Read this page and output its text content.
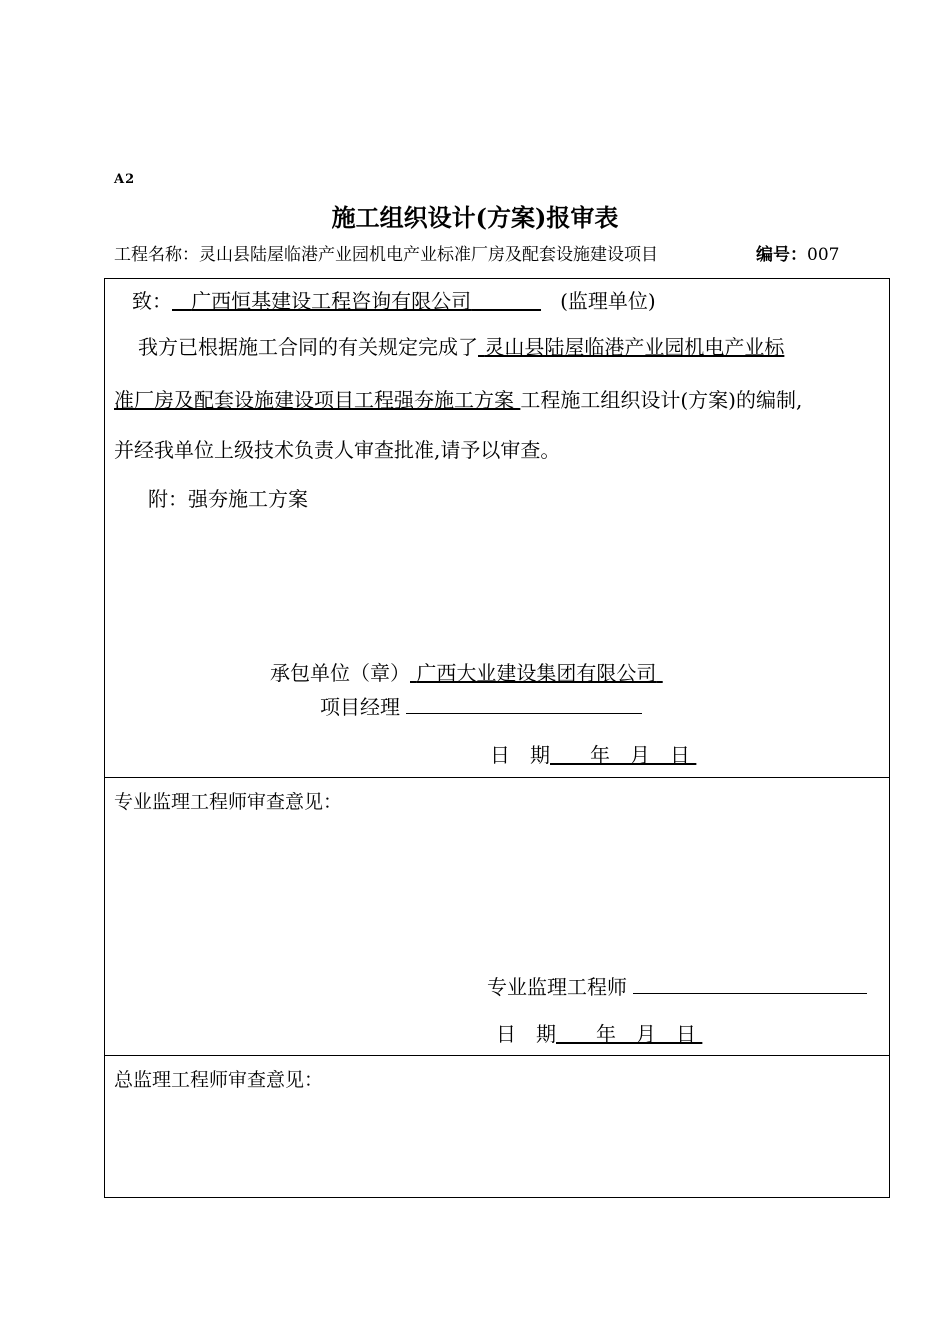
A2
施工组织设计(方案)报审表
工程名称：灵山县陆屋临港产业园机电产业标准厂房及配套设施建设项目	编号：007
致： 广西恒基建设工程咨询有限公司	(监理单位)
我方已根据施工合同的有关规定完成了 灵山县陆屋临港产业园机电产业标
准厂房及配套设施建设项目工程强夯施工方案 工程施工组织设计(方案)的编制,
并经我单位上级技术负责人审查批准,请予以审查。
附：强夯施工方案
承包单位（章） 广西大业建设集团有限公司
项目经理
日　期　　年　月　日
专业监理工程师审查意见：
专业监理工程师
日　期　　年　月　日
总监理工程师审查意见：
